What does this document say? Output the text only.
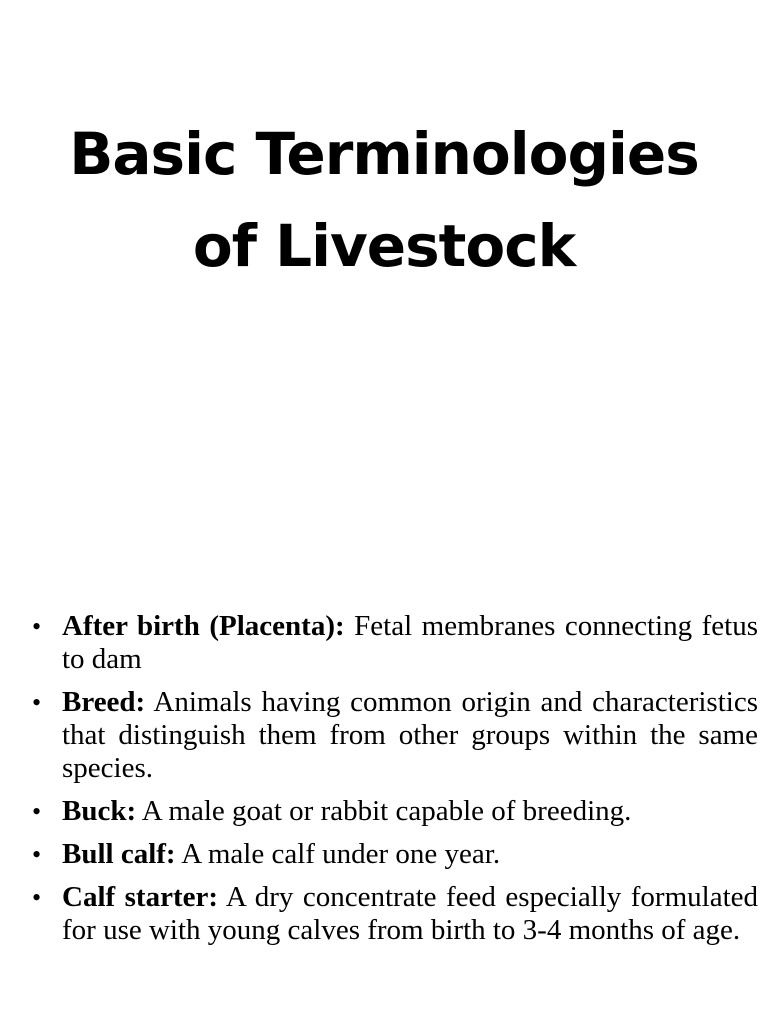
Basic Terminologies
of Livestock
• After birth (Placenta): Fetal membranes connecting fetus to dam
• Breed: Animals having common origin and characteristics that distinguish them from other groups within the same species.
• Buck: A male goat or rabbit capable of breeding.
• Bull calf: A male calf under one year.
• Calf starter: A dry concentrate feed especially formulated for use with young calves from birth to 3-4 months of age.
